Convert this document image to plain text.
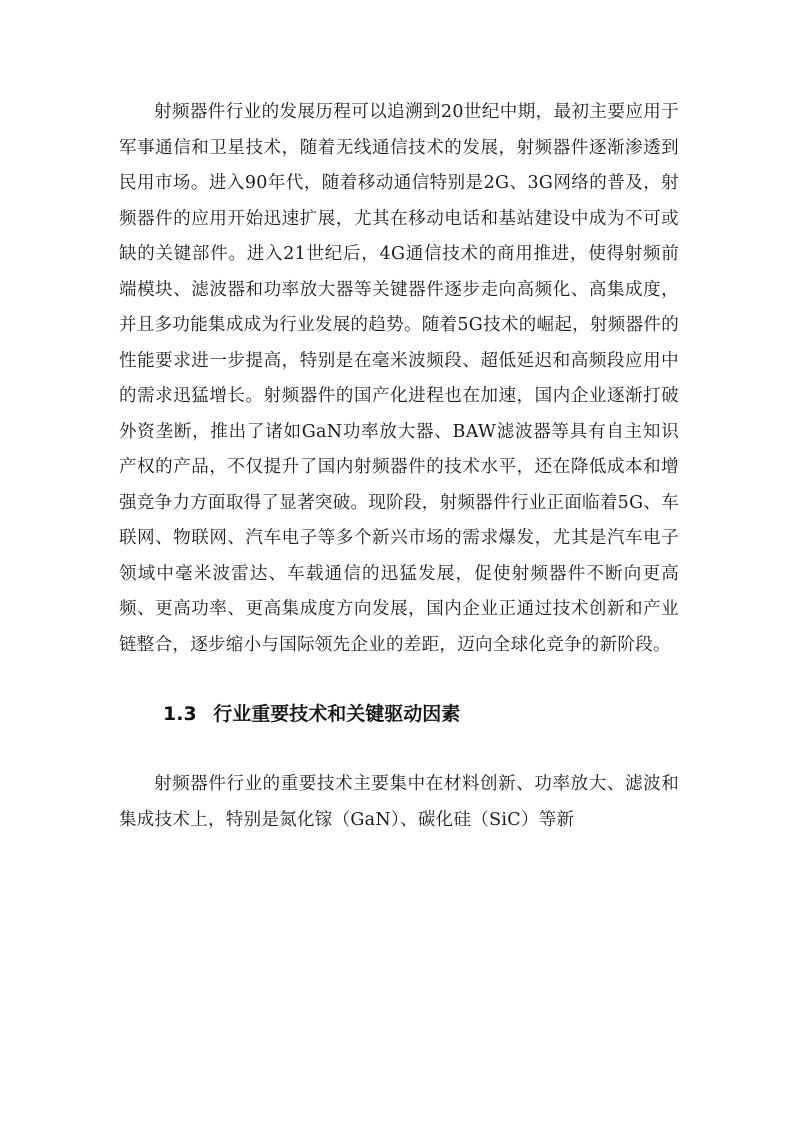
射频器件行业的发展历程可以追溯到20世纪中期，最初主要应用于军事通信和卫星技术，随着无线通信技术的发展，射频器件逐渐渗透到民用市场。进入90年代，随着移动通信特别是2G、3G网络的普及，射频器件的应用开始迅速扩展，尤其在移动电话和基站建设中成为不可或缺的关键部件。进入21世纪后，4G通信技术的商用推进，使得射频前端模块、滤波器和功率放大器等关键器件逐步走向高频化、高集成度，并且多功能集成成为行业发展的趋势。随着5G技术的崛起，射频器件的性能要求进一步提高，特别是在毫米波频段、超低延迟和高频段应用中的需求迅猛增长。射频器件的国产化进程也在加速，国内企业逐渐打破外资垄断，推出了诸如GaN功率放大器、BAW滤波器等具有自主知识产权的产品，不仅提升了国内射频器件的技术水平，还在降低成本和增强竞争力方面取得了显著突破。现阶段，射频器件行业正面临着5G、车联网、物联网、汽车电子等多个新兴市场的需求爆发，尤其是汽车电子领域中毫米波雷达、车载通信的迅猛发展，促使射频器件不断向更高频、更高功率、更高集成度方向发展，国内企业正通过技术创新和产业链整合，逐步缩小与国际领先企业的差距，迈向全球化竞争的新阶段。

1.3 行业重要技术和关键驱动因素

射频器件行业的重要技术主要集中在材料创新、功率放大、滤波和集成技术上，特别是氮化镓（GaN）、碳化硅（SiC）等新
